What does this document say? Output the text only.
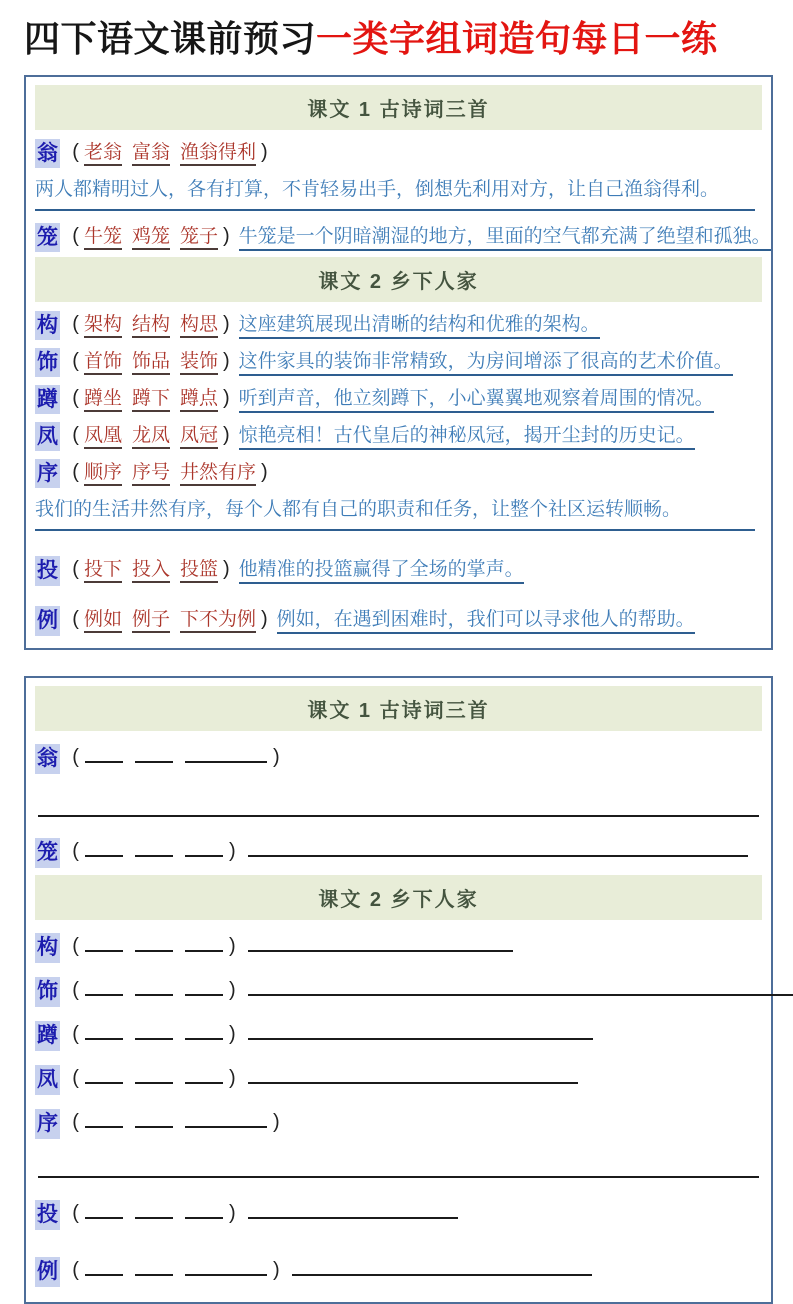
四下语文课前预习一类字组词造句每日一练
课文 1 古诗词三首
翁 ( 老翁 富翁 渔翁得利 )
两人都精明过人，各有打算，不肯轻易出手，倒想先利用对方，让自己渔翁得利。
笼 ( 牛笼 鸡笼 笼子 ) 牛笼是一个阴暗潮湿的地方，里面的空气都充满了绝望和孤独。
课文 2 乡下人家
构 ( 架构 结构 构思 ) 这座建筑展现出清晰的结构和优雅的架构。
饰 ( 首饰 饰品 装饰 ) 这件家具的装饰非常精致，为房间增添了很高的艺术价值。
蹲 ( 蹲坐 蹲下 蹲点 ) 听到声音，他立刻蹲下，小心翼翼地观察着周围的情况。
凤 ( 凤凰 龙凤 凤冠 ) 惊艳亮相！古代皇后的神秘凤冠，揭开尘封的历史记。
序 ( 顺序 序号 井然有序 )
我们的生活井然有序，每个人都有自己的职责和任务，让整个社区运转顺畅。
投 ( 投下 投入 投篮 ) 他精准的投篮赢得了全场的掌声。
例 ( 例如 例子 下不为例 ) 例如，在遇到困难时，我们可以寻求他人的帮助。
课文 1 古诗词三首
翁 (	)
笼 (	)
课文 2 乡下人家
构 (	)
饰 (	)
蹲 (	)
凤 (	)
序 (	)
投 (	)
例 (	)
